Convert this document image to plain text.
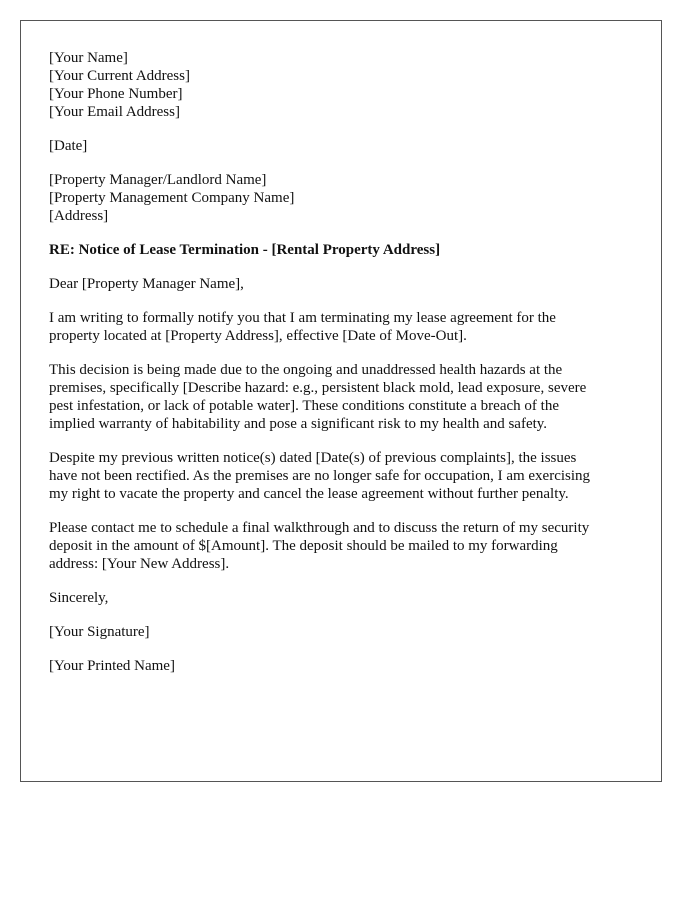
[Your Name]
[Your Current Address]
[Your Phone Number]
[Your Email Address]
[Date]
[Property Manager/Landlord Name]
[Property Management Company Name]
[Address]
RE: Notice of Lease Termination - [Rental Property Address]
Dear [Property Manager Name],
I am writing to formally notify you that I am terminating my lease agreement for the
property located at [Property Address], effective [Date of Move-Out].
This decision is being made due to the ongoing and unaddressed health hazards at the
premises, specifically [Describe hazard: e.g., persistent black mold, lead exposure, severe
pest infestation, or lack of potable water]. These conditions constitute a breach of the
implied warranty of habitability and pose a significant risk to my health and safety.
Despite my previous written notice(s) dated [Date(s) of previous complaints], the issues
have not been rectified. As the premises are no longer safe for occupation, I am exercising
my right to vacate the property and cancel the lease agreement without further penalty.
Please contact me to schedule a final walkthrough and to discuss the return of my security
deposit in the amount of $[Amount]. The deposit should be mailed to my forwarding
address: [Your New Address].
Sincerely,
[Your Signature]
[Your Printed Name]
